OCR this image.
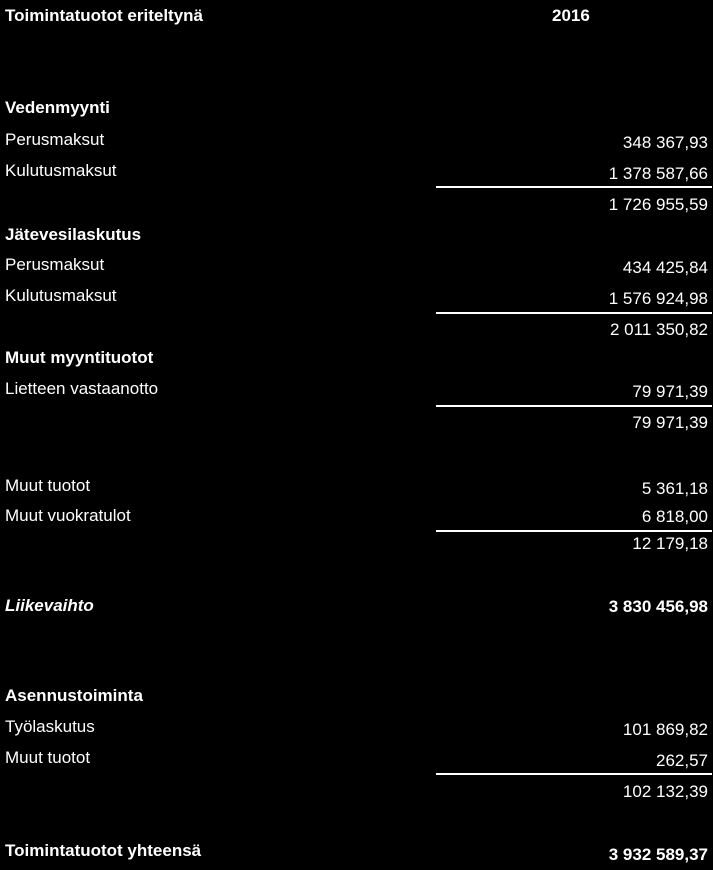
Toimintatuotot eriteltynä	2016
Vedenmyynti
Perusmaksut	348 367,93
Kulutusmaksut	1 378 587,66
1 726 955,59
Jätevesilaskutus
Perusmaksut	434 425,84
Kulutusmaksut	1 576 924,98
2 011 350,82
Muut myyntituotot
Lietteen vastaanotto	79 971,39
79 971,39
Muut tuotot	5 361,18
Muut vuokratulot	6 818,00
12 179,18
Liikevaihto	3 830 456,98
Asennustoiminta
Työlaskutus	101 869,82
Muut tuotot	262,57
102 132,39
Toimintatuotot yhteensä	3 932 589,37
